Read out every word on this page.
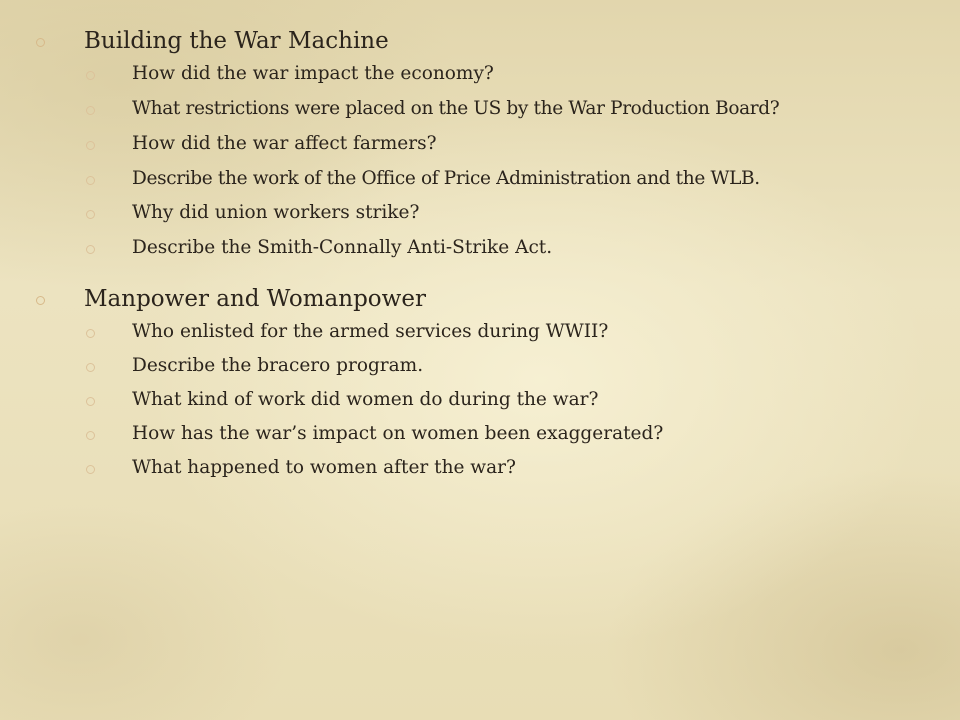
Building the War Machine
How did the war impact the economy?
What restrictions were placed on the US by the War Production Board?
How did the war affect farmers?
Describe the work of the Office of Price Administration and the WLB.
Why did union workers strike?
Describe the Smith-Connally Anti-Strike Act.
Manpower and Womanpower
Who enlisted for the armed services during WWII?
Describe the bracero program.
What kind of work did women do during the war?
How has the war’s impact on women been exaggerated?
What happened to women after the war?
